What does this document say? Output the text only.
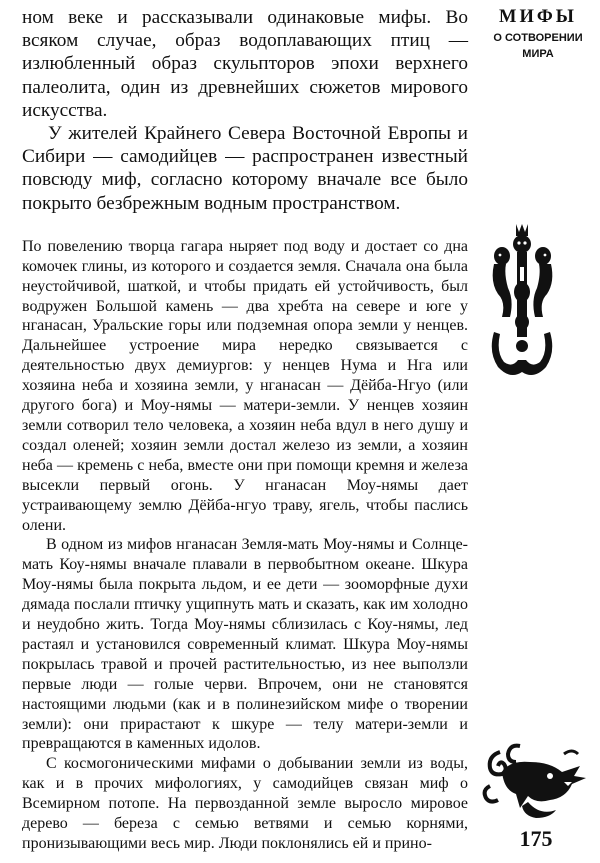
ном веке и рассказывали одинаковые мифы. Во всяком случае, образ водоплавающих птиц — излюбленный образ скульпторов эпохи верхнего палеолита, один из древнейших сюжетов мирового искусства.

У жителей Крайнего Севера Восточной Европы и Сибири — самодийцев — распространен известный повсюду миф, согласно которому вначале все было покрыто безбрежным водным пространством.

По повелению творца гагара ныряет под воду и достает со дна комочек глины, из которого и создается земля. Сначала она была неустойчивой, шаткой, и чтобы придать ей устойчивость, был водружен Большой камень — два хребта на севере и юге у нганасан, Уральские горы или подземная опора земли у ненцев. Дальнейшее устроение мира нередко связывается с деятельностью двух демиургов: у ненцев Нума и Нга или хозяина неба и хозяина земли, у нганасан — Дёйба-Нгуо (или другого бога) и Моу-нямы — матери-земли. У ненцев хозяин земли сотворил тело человека, а хозяин неба вдул в него душу и создал оленей; хозяин земли достал железо из земли, а хозяин неба — кремень с неба, вместе они при помощи кремня и железа высекли первый огонь. У нганасан Моу-нямы дает устраивающему землю Дёйба-нгуо траву, ягель, чтобы паслись олени.

В одном из мифов нганасан Земля-мать Моу-нямы и Солнце-мать Коу-нямы вначале плавали в первобытном океане. Шкура Моу-нямы была покрыта льдом, и ее дети — зооморфные духи дямада послали птичку ущипнуть мать и сказать, как им холодно и неудобно жить. Тогда Моу-нямы сблизилась с Коу-нямы, лед растаял и установился современный климат. Шкура Моу-нямы покрылась травой и прочей растительностью, из нее выползли первые люди — голые черви. Впрочем, они не становятся настоящими людьми (как и в полинезийском мифе о творении земли): они прирастают к шкуре — телу матери-земли и превращаются в каменных идолов.

С космогоническими мифами о добывании земли из воды, как и в прочих мифологиях, у самодийцев связан миф о Всемирном потопе. На первозданной земле выросло мировое дерево — береза с семью ветвями и семью корнями, пронизывающими весь мир. Люди поклонялись ей и прино-

МИФЫ
О СОТВОРЕНИИ
МИРА
175
